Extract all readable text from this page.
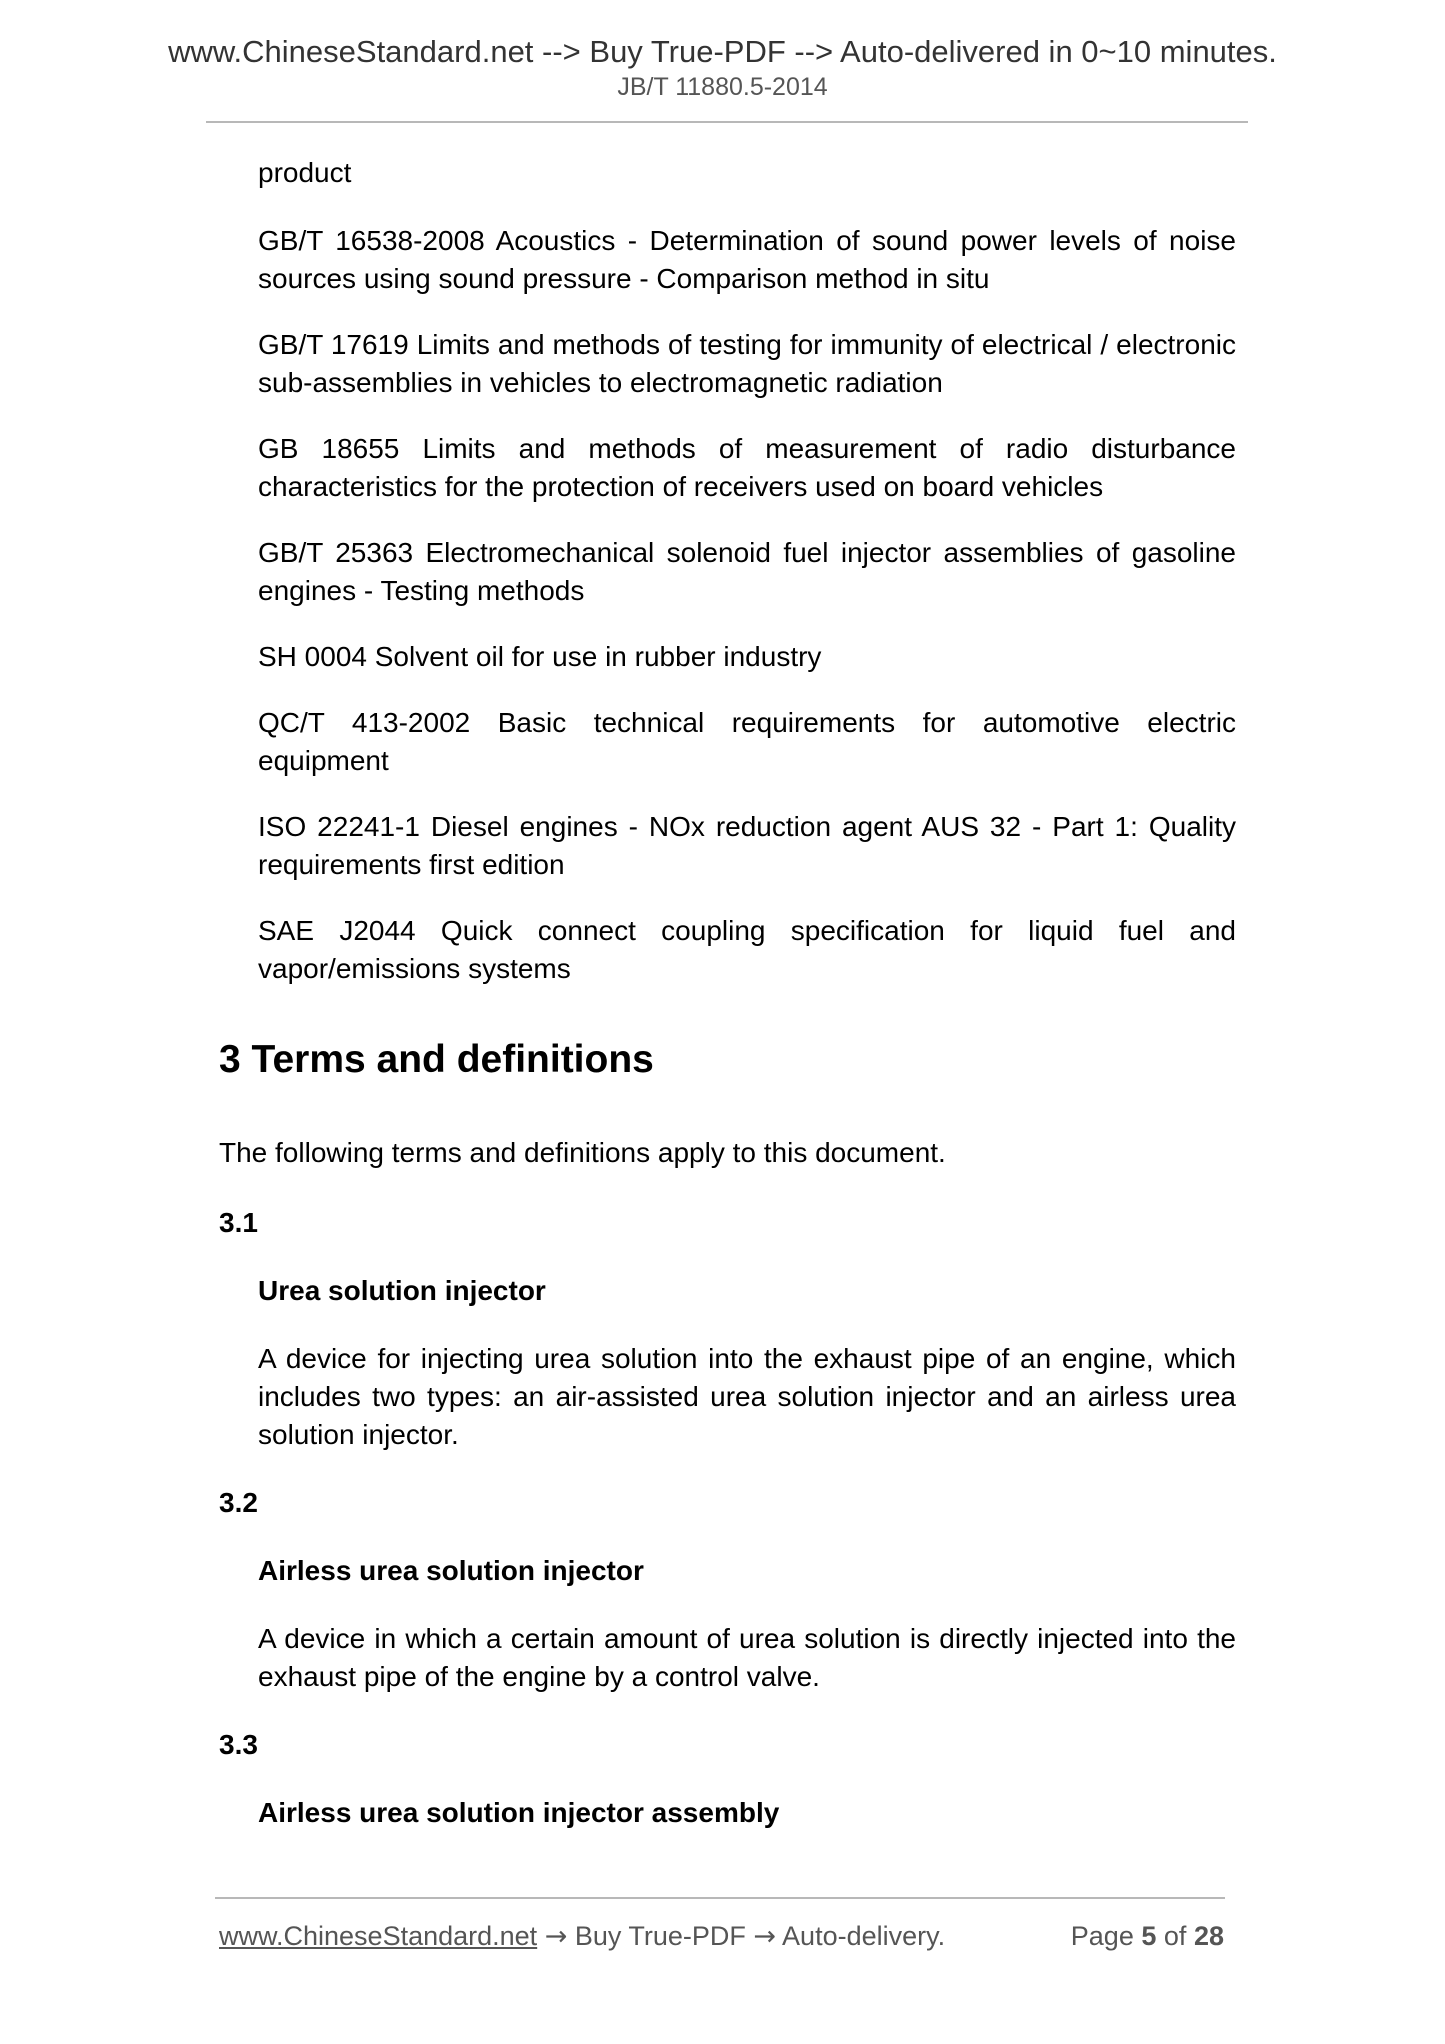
www.ChineseStandard.net --> Buy True-PDF --> Auto-delivered in 0~10 minutes.
JB/T 11880.5-2014
product
GB/T 16538-2008 Acoustics - Determination of sound power levels of noise sources using sound pressure - Comparison method in situ
GB/T 17619 Limits and methods of testing for immunity of electrical / electronic sub-assemblies in vehicles to electromagnetic radiation
GB 18655 Limits and methods of measurement of radio disturbance characteristics for the protection of receivers used on board vehicles
GB/T 25363 Electromechanical solenoid fuel injector assemblies of gasoline engines - Testing methods
SH 0004 Solvent oil for use in rubber industry
QC/T 413-2002 Basic technical requirements for automotive electric equipment
ISO 22241-1 Diesel engines - NOx reduction agent AUS 32 - Part 1: Quality requirements first edition
SAE J2044 Quick connect coupling specification for liquid fuel and vapor/emissions systems
3 Terms and definitions
The following terms and definitions apply to this document.
3.1
Urea solution injector
A device for injecting urea solution into the exhaust pipe of an engine, which includes two types: an air-assisted urea solution injector and an airless urea solution injector.
3.2
Airless urea solution injector
A device in which a certain amount of urea solution is directly injected into the exhaust pipe of the engine by a control valve.
3.3
Airless urea solution injector assembly
www.ChineseStandard.net → Buy True-PDF → Auto-delivery.	Page 5 of 28
